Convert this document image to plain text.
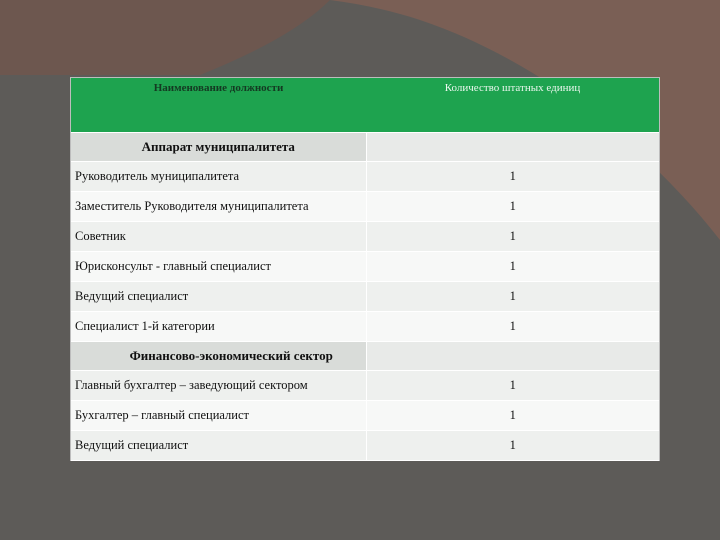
Наименование должности	Количество штатных единиц
Аппарат муниципалитета	
Руководитель муниципалитета	1
Заместитель Руководителя муниципалитета	1
Советник	1
Юрисконсульт - главный специалист	1
Ведущий специалист	1
Специалист 1-й категории	1
Финансово-экономический сектор	
Главный бухгалтер – заведующий сектором	1
Бухгалтер – главный специалист	1
Ведущий специалист	1
